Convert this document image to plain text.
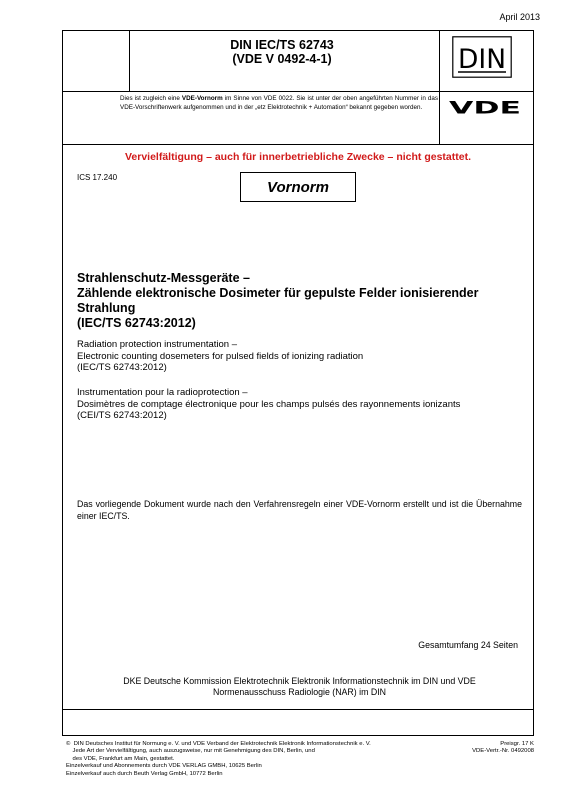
April 2013
DIN IEC/TS 62743
(VDE V 0492-4-1)	DIN
VDE
Dies ist zugleich eine VDE-Vornorm im Sinne von VDE 0022. Sie ist unter der oben angeführten Nummer in das VDE-Vorschriftenwerk aufgenommen und in der „etz Elektrotechnik + Automation“ bekannt gegeben worden.
Vervielfältigung – auch für innerbetriebliche Zwecke – nicht gestattet.
ICS 17.240
Vornorm
Strahlenschutz-Messgeräte –
Zählende elektronische Dosimeter für gepulste Felder ionisierender
Strahlung
(IEC/TS 62743:2012)
Radiation protection instrumentation –
Electronic counting dosemeters for pulsed fields of ionizing radiation
(IEC/TS 62743:2012)
Instrumentation pour la radioprotection –
Dosimètres de comptage électronique pour les champs pulsés des rayonnements ionizants
(CEI/TS 62743:2012)
Das vorliegende Dokument wurde nach den Verfahrensregeln einer VDE-Vornorm erstellt und ist die Übernahme einer IEC/TS.
Gesamtumfang 24 Seiten
DKE Deutsche Kommission Elektrotechnik Elektronik Informationstechnik im DIN und VDE
Normenausschuss Radiologie (NAR) im DIN
©  DIN Deutsches Institut für Normung e. V. und VDE Verband der Elektrotechnik Elektronik Informationstechnik e. V.
Jede Art der Vervielfältigung, auch auszugsweise, nur mit Genehmigung des DIN, Berlin, und
des VDE, Frankfurt am Main, gestattet.
Einzelverkauf und Abonnements durch VDE VERLAG GMBH, 10625 Berlin
Einzelverkauf auch durch Beuth Verlag GmbH, 10772 Berlin
Preisgr. 17 K
VDE-Vertr.-Nr. 0492008
